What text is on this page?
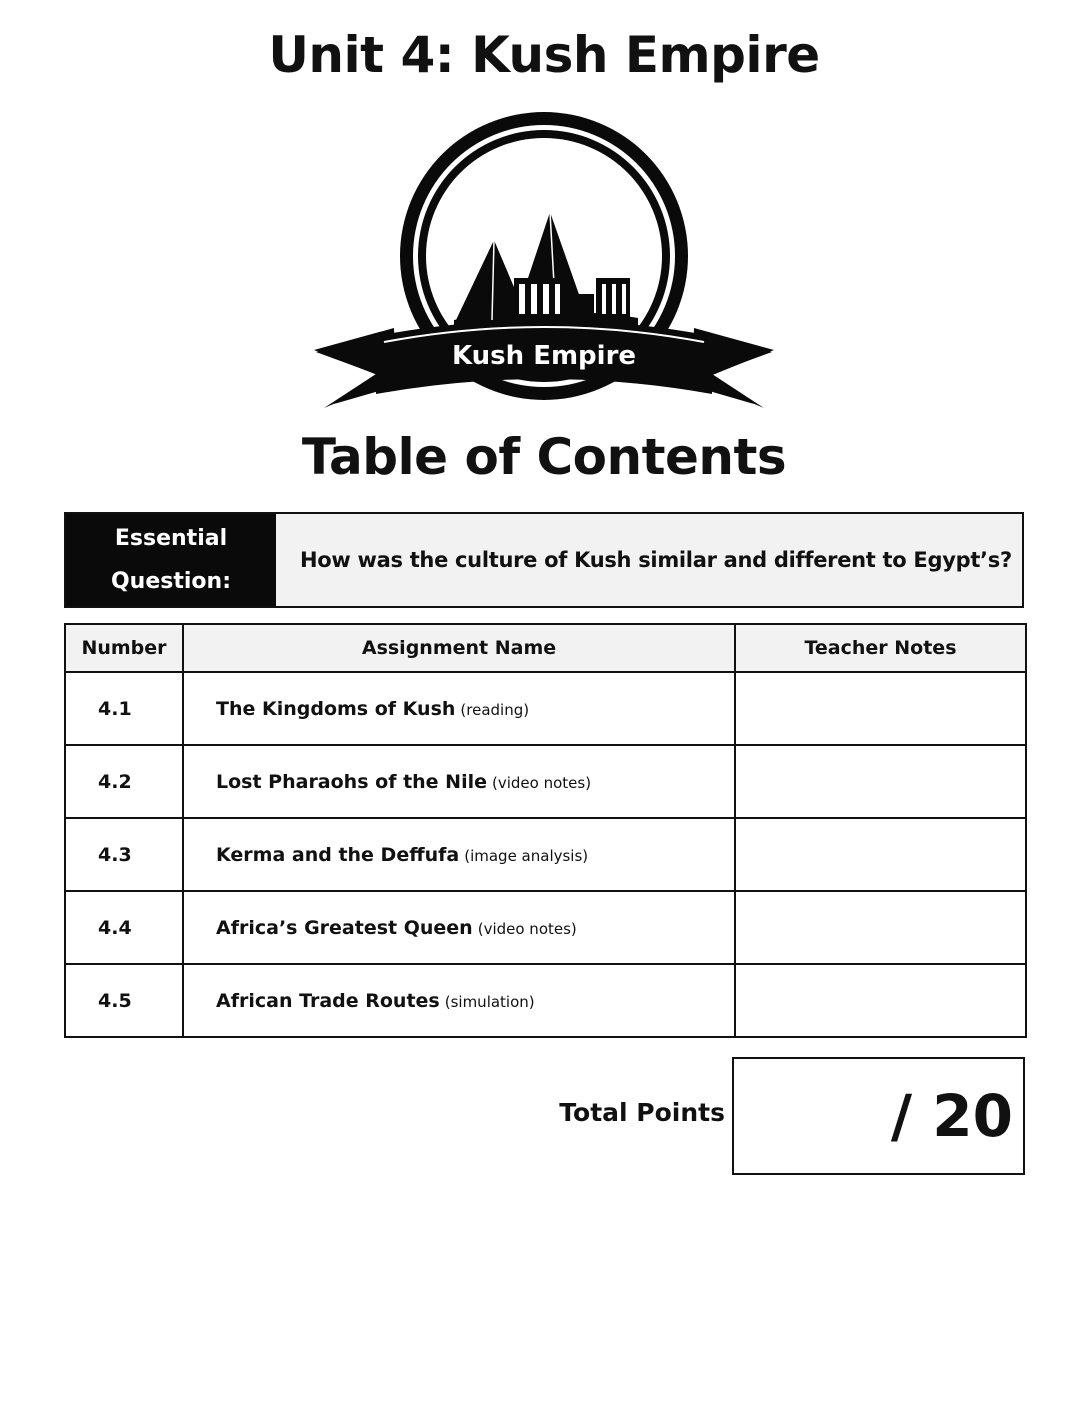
Unit 4: Kush Empire
Kush Empire
Table of Contents
Essential
Question:
How was the culture of Kush similar and different to Egypt’s?
Number	Assignment Name	Teacher Notes
4.1	The Kingdoms of Kush (reading)	
4.2	Lost Pharaohs of the Nile (video notes)	
4.3	Kerma and the Deffufa (image analysis)	
4.4	Africa’s Greatest Queen (video notes)	
4.5	African Trade Routes (simulation)	
Total Points	/ 20
